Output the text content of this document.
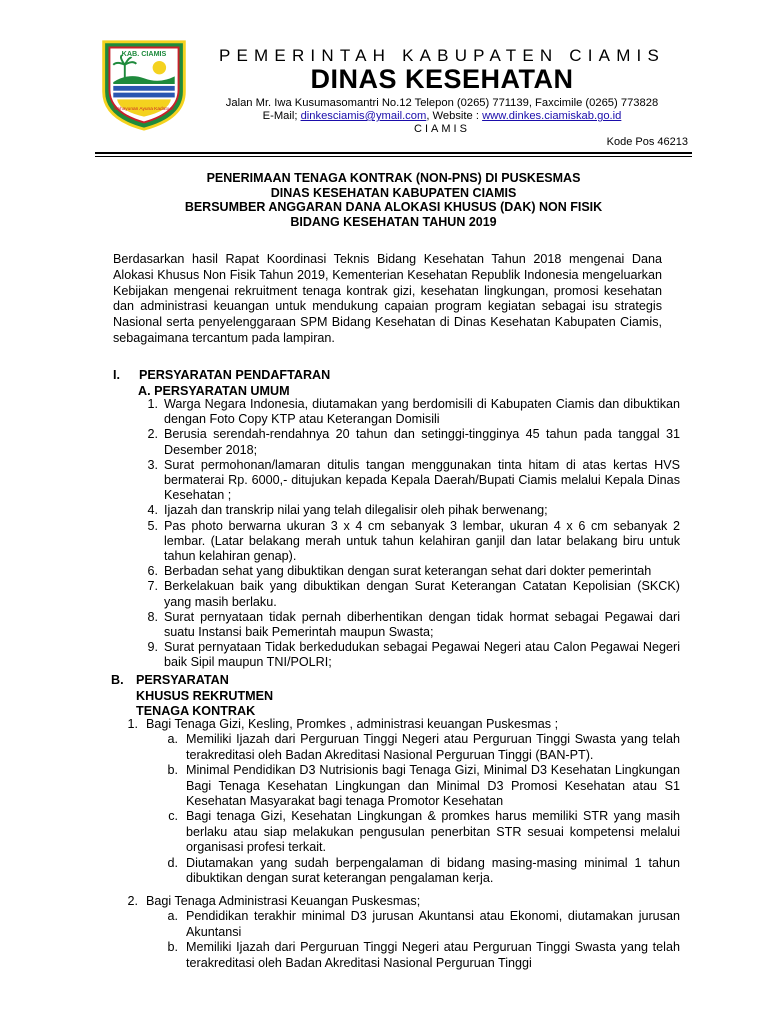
KAB. CIAMIS
Mahayunan Ayuna Kadatuan
PEMERINTAH KABUPATEN CIAMIS
DINAS KESEHATAN
Jalan Mr. Iwa Kusumasomantri No.12 Telepon (0265) 771139, Faxcimile (0265) 773828
E-Mail; dinkesciamis@ymail.com, Website : www.dinkes.ciamiskab.go.id
CIAMIS
Kode Pos 46213
PENERIMAAN TENAGA KONTRAK (NON-PNS) DI PUSKESMAS
DINAS KESEHATAN KABUPATEN CIAMIS
BERSUMBER ANGGARAN DANA ALOKASI KHUSUS (DAK) NON FISIK
BIDANG KESEHATAN TAHUN 2019
Berdasarkan hasil Rapat Koordinasi Teknis Bidang Kesehatan Tahun 2018 mengenai Dana Alokasi Khusus Non Fisik Tahun 2019, Kementerian Kesehatan Republik Indonesia mengeluarkan Kebijakan mengenai rekruitment tenaga kontrak gizi, kesehatan lingkungan, promosi kesehatan dan administrasi keuangan untuk mendukung capaian program kegiatan sebagai isu strategis Nasional serta penyelenggaraan SPM Bidang Kesehatan di Dinas Kesehatan Kabupaten Ciamis, sebagaimana tercantum pada lampiran.
I. PERSYARATAN PENDAFTARAN
A. PERSYARATAN UMUM
1. Warga Negara Indonesia, diutamakan yang berdomisili di Kabupaten Ciamis dan dibuktikan dengan Foto Copy KTP atau Keterangan Domisili
2. Berusia serendah-rendahnya 20 tahun dan setinggi-tingginya 45 tahun pada tanggal 31 Desember 2018;
3. Surat permohonan/lamaran ditulis tangan menggunakan tinta hitam di atas kertas HVS bermaterai Rp. 6000,- ditujukan kepada Kepala Daerah/Bupati Ciamis melalui Kepala Dinas Kesehatan ;
4. Ijazah dan transkrip nilai yang telah dilegalisir oleh pihak berwenang;
5. Pas photo berwarna ukuran 3 x 4 cm sebanyak 3 lembar, ukuran 4 x 6 cm sebanyak 2 lembar. (Latar belakang merah untuk tahun kelahiran ganjil dan latar belakang biru untuk tahun kelahiran genap).
6. Berbadan sehat yang dibuktikan dengan surat keterangan sehat dari dokter pemerintah
7. Berkelakuan baik yang dibuktikan dengan Surat Keterangan Catatan Kepolisian (SKCK) yang masih berlaku.
8. Surat pernyataan tidak pernah diberhentikan dengan tidak hormat sebagai Pegawai dari suatu Instansi baik Pemerintah maupun Swasta;
9. Surat pernyataan Tidak berkedudukan sebagai Pegawai Negeri atau Calon Pegawai Negeri baik Sipil maupun TNI/POLRI;
B. PERSYARATAN
KHUSUS REKRUTMEN
TENAGA KONTRAK
1. Bagi Tenaga Gizi, Kesling, Promkes , administrasi keuangan Puskesmas ;
a. Memiliki Ijazah dari Perguruan Tinggi Negeri atau Perguruan Tinggi Swasta yang telah terakreditasi oleh Badan Akreditasi Nasional Perguruan Tinggi (BAN-PT).
b. Minimal Pendidikan D3 Nutrisionis bagi Tenaga Gizi, Minimal D3 Kesehatan Lingkungan Bagi Tenaga Kesehatan Lingkungan dan Minimal D3 Promosi Kesehatan atau S1 Kesehatan Masyarakat bagi tenaga Promotor Kesehatan
c. Bagi tenaga Gizi, Kesehatan Lingkungan & promkes harus memiliki STR yang masih berlaku atau siap melakukan pengusulan penerbitan STR sesuai kompetensi melalui organisasi profesi terkait.
d. Diutamakan yang sudah berpengalaman di bidang masing-masing minimal 1 tahun dibuktikan dengan surat keterangan pengalaman kerja.
2. Bagi Tenaga Administrasi Keuangan Puskesmas;
a. Pendidikan terakhir minimal D3 jurusan Akuntansi atau Ekonomi, diutamakan jurusan Akuntansi
b. Memiliki Ijazah dari Perguruan Tinggi Negeri atau Perguruan Tinggi Swasta yang telah terakreditasi oleh Badan Akreditasi Nasional Perguruan Tinggi
